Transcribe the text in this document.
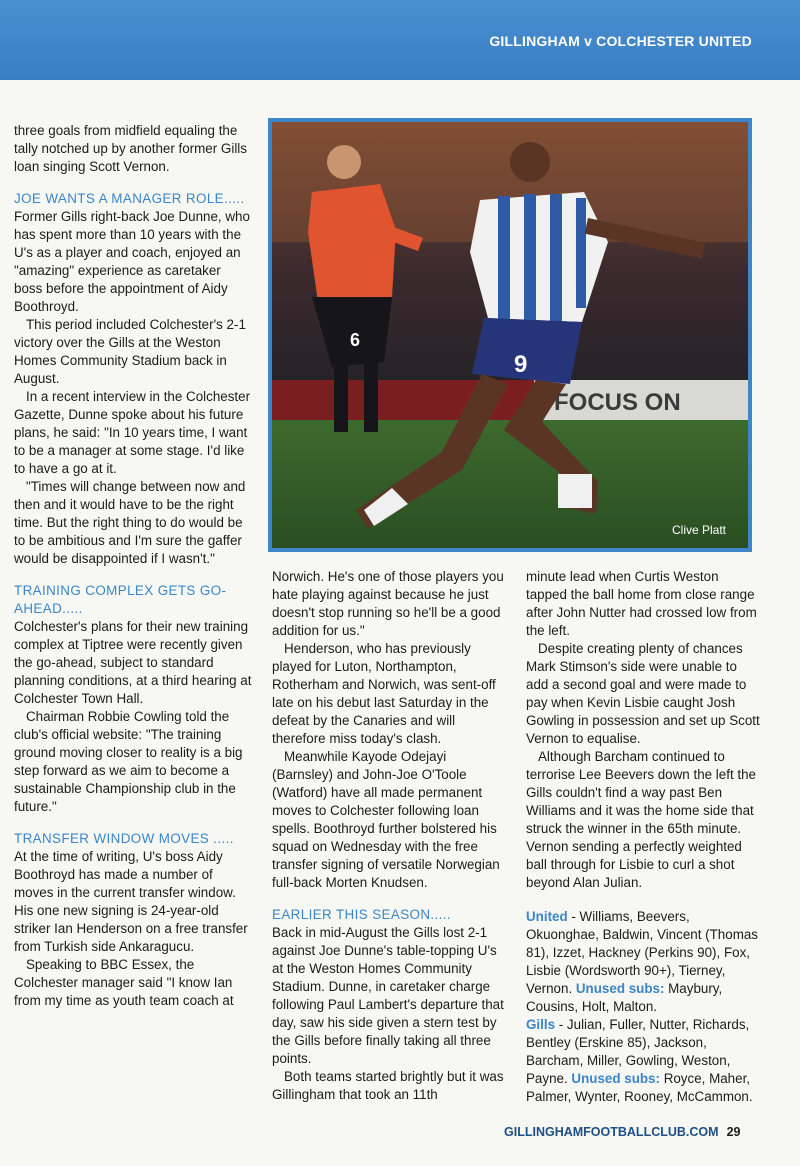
GILLINGHAM v COLCHESTER UNITED

three goals from midfield equaling the tally notched up by another former Gills loan singing Scott Vernon.

JOE WANTS A MANAGER ROLE.....

Former Gills right-back Joe Dunne, who has spent more than 10 years with the U's as a player and coach, enjoyed an "amazing" experience as caretaker boss before the appointment of Aidy Boothroyd.

This period included Colchester's 2-1 victory over the Gills at the Weston Homes Community Stadium back in August.

In a recent interview in the Colchester Gazette, Dunne spoke about his future plans, he said: "In 10 years time, I want to be a manager at some stage. I'd like to have a go at it.

"Times will change between now and then and it would have to be the right time. But the right thing to do would be to be ambitious and I'm sure the gaffer would be disappointed if I wasn't."

TRAINING COMPLEX GETS GO-AHEAD.....

Colchester's plans for their new training complex at Tiptree were recently given the go-ahead, subject to standard planning conditions, at a third hearing at Colchester Town Hall.

Chairman Robbie Cowling told the club's official website: "The training ground moving closer to reality is a big step forward as we aim to become a sustainable Championship club in the future."

TRANSFER WINDOW MOVES .....

At the time of writing, U's boss Aidy Boothroyd has made a number of moves in the current transfer window. His one new signing is 24-year-old striker Ian Henderson on a free transfer from Turkish side Ankaragucu.

Speaking to BBC Essex, the Colchester manager said "I know Ian from my time as youth team coach at

FOCUS ON
6
9
Clive Platt

Norwich. He's one of those players you hate playing against because he just doesn't stop running so he'll be a good addition for us."

Henderson, who has previously played for Luton, Northampton, Rotherham and Norwich, was sent-off late on his debut last Saturday in the defeat by the Canaries and will therefore miss today's clash.

Meanwhile Kayode Odejayi (Barnsley) and John-Joe O'Toole (Watford) have all made permanent moves to Colchester following loan spells. Boothroyd further bolstered his squad on Wednesday with the free transfer signing of versatile Norwegian full-back Morten Knudsen.

EARLIER THIS SEASON.....

Back in mid-August the Gills lost 2-1 against Joe Dunne's table-topping U's at the Weston Homes Community Stadium. Dunne, in caretaker charge following Paul Lambert's departure that day, saw his side given a stern test by the Gills before finally taking all three points.

Both teams started brightly but it was Gillingham that took an 11th

minute lead when Curtis Weston tapped the ball home from close range after John Nutter had crossed low from the left.

Despite creating plenty of chances Mark Stimson's side were unable to add a second goal and were made to pay when Kevin Lisbie caught Josh Gowling in possession and set up Scott Vernon to equalise.

Although Barcham continued to terrorise Lee Beevers down the left the Gills couldn't find a way past Ben Williams and it was the home side that struck the winner in the 65th minute. Vernon sending a perfectly weighted ball through for Lisbie to curl a shot beyond Alan Julian.

United - Williams, Beevers, Okuonghae, Baldwin, Vincent (Thomas 81), Izzet, Hackney (Perkins 90), Fox, Lisbie (Wordsworth 90+), Tierney, Vernon. Unused subs: Maybury, Cousins, Holt, Malton.

Gills - Julian, Fuller, Nutter, Richards, Bentley (Erskine 85), Jackson, Barcham, Miller, Gowling, Weston, Payne. Unused subs: Royce, Maher, Palmer, Wynter, Rooney, McCammon.

GILLINGHAMFOOTBALLCLUB.COM 29
